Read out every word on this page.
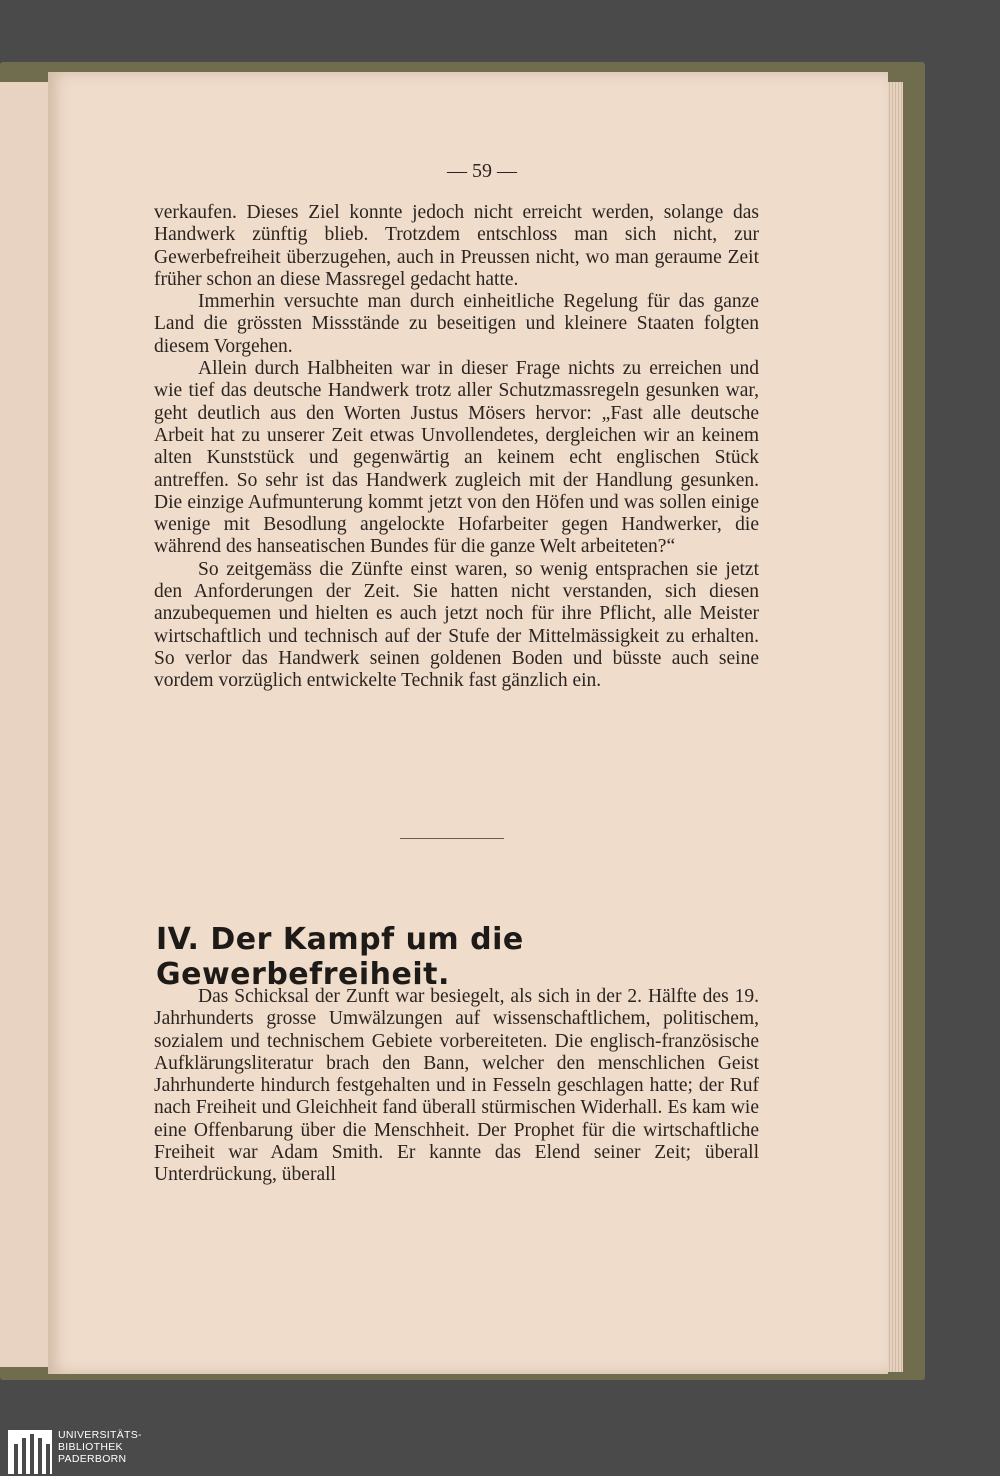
— 59 —

verkaufen. Dieses Ziel konnte jedoch nicht erreicht werden, solange das Handwerk zünftig blieb. Trotzdem entschloss man sich nicht, zur Gewerbefreiheit überzugehen, auch in Preussen nicht, wo man geraume Zeit früher schon an diese Massregel gedacht hatte.

Immerhin versuchte man durch einheitliche Regelung für das ganze Land die grössten Missstände zu beseitigen und kleinere Staaten folgten diesem Vorgehen.

Allein durch Halbheiten war in dieser Frage nichts zu erreichen und wie tief das deutsche Handwerk trotz aller Schutzmassregeln gesunken war, geht deutlich aus den Worten Justus Mösers hervor: „Fast alle deutsche Arbeit hat zu unserer Zeit etwas Unvollendetes, dergleichen wir an keinem alten Kunststück und gegenwärtig an keinem echt englischen Stück antreffen. So sehr ist das Handwerk zugleich mit der Handlung gesunken. Die einzige Aufmunterung kommt jetzt von den Höfen und was sollen einige wenige mit Besodlung angelockte Hofarbeiter gegen Handwerker, die während des hanseatischen Bundes für die ganze Welt arbeiteten?“

So zeitgemäss die Zünfte einst waren, so wenig entsprachen sie jetzt den Anforderungen der Zeit. Sie hatten nicht verstanden, sich diesen anzubequemen und hielten es auch jetzt noch für ihre Pflicht, alle Meister wirtschaftlich und technisch auf der Stufe der Mittelmässigkeit zu erhalten. So verlor das Handwerk seinen goldenen Boden und büsste auch seine vordem vorzüglich entwickelte Technik fast gänzlich ein.

IV. Der Kampf um die Gewerbefreiheit.

Das Schicksal der Zunft war besiegelt, als sich in der 2. Hälfte des 19. Jahrhunderts grosse Umwälzungen auf wissenschaftlichem, politischem, sozialem und technischem Gebiete vorbereiteten. Die englisch-französische Aufklärungsliteratur brach den Bann, welcher den menschlichen Geist Jahrhunderte hindurch festgehalten und in Fesseln geschlagen hatte; der Ruf nach Freiheit und Gleichheit fand überall stürmischen Widerhall. Es kam wie eine Offenbarung über die Menschheit. Der Prophet für die wirtschaftliche Freiheit war Adam Smith. Er kannte das Elend seiner Zeit; überall Unterdrückung, überall

UNIVERSITÄTS-
BIBLIOTHEK
PADERBORN
